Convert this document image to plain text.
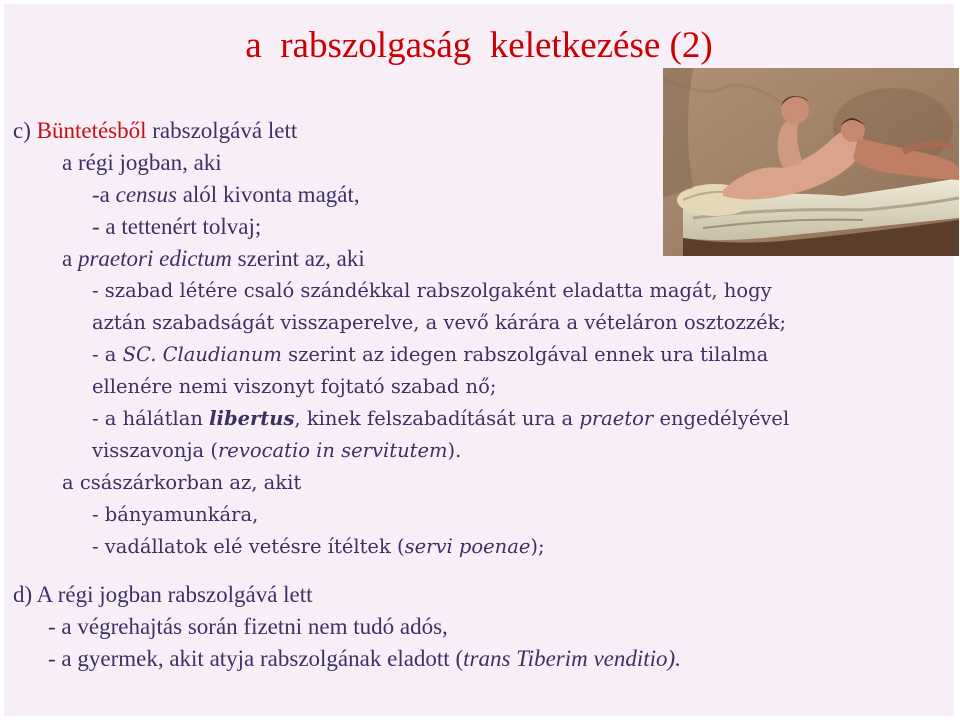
a  rabszolgaság  keletkezése (2)
c) Büntetésből rabszolgává lett
a régi jogban, aki
-a census alól kivonta magát,
- a tettenért tolvaj;
a praetori edictum szerint az, aki
- szabad létére csaló szándékkal rabszolgaként eladatta magát, hogy
aztán szabadságát visszaperelve, a vevő kárára a vételáron osztozzék;
- a SC. Claudianum szerint az idegen rabszolgával ennek ura tilalma
ellenére nemi viszonyt fojtató szabad nő;
- a hálátlan libertus, kinek felszabadítását ura a praetor engedélyével
visszavonja (revocatio in servitutem).
a császárkorban az, akit
- bányamunkára,
- vadállatok elé vetésre ítéltek (servi poenae);
d) A régi jogban rabszolgává lett
- a végrehajtás során fizetni nem tudó adós,
- a gyermek, akit atyja rabszolgának eladott (trans Tiberim venditio).
